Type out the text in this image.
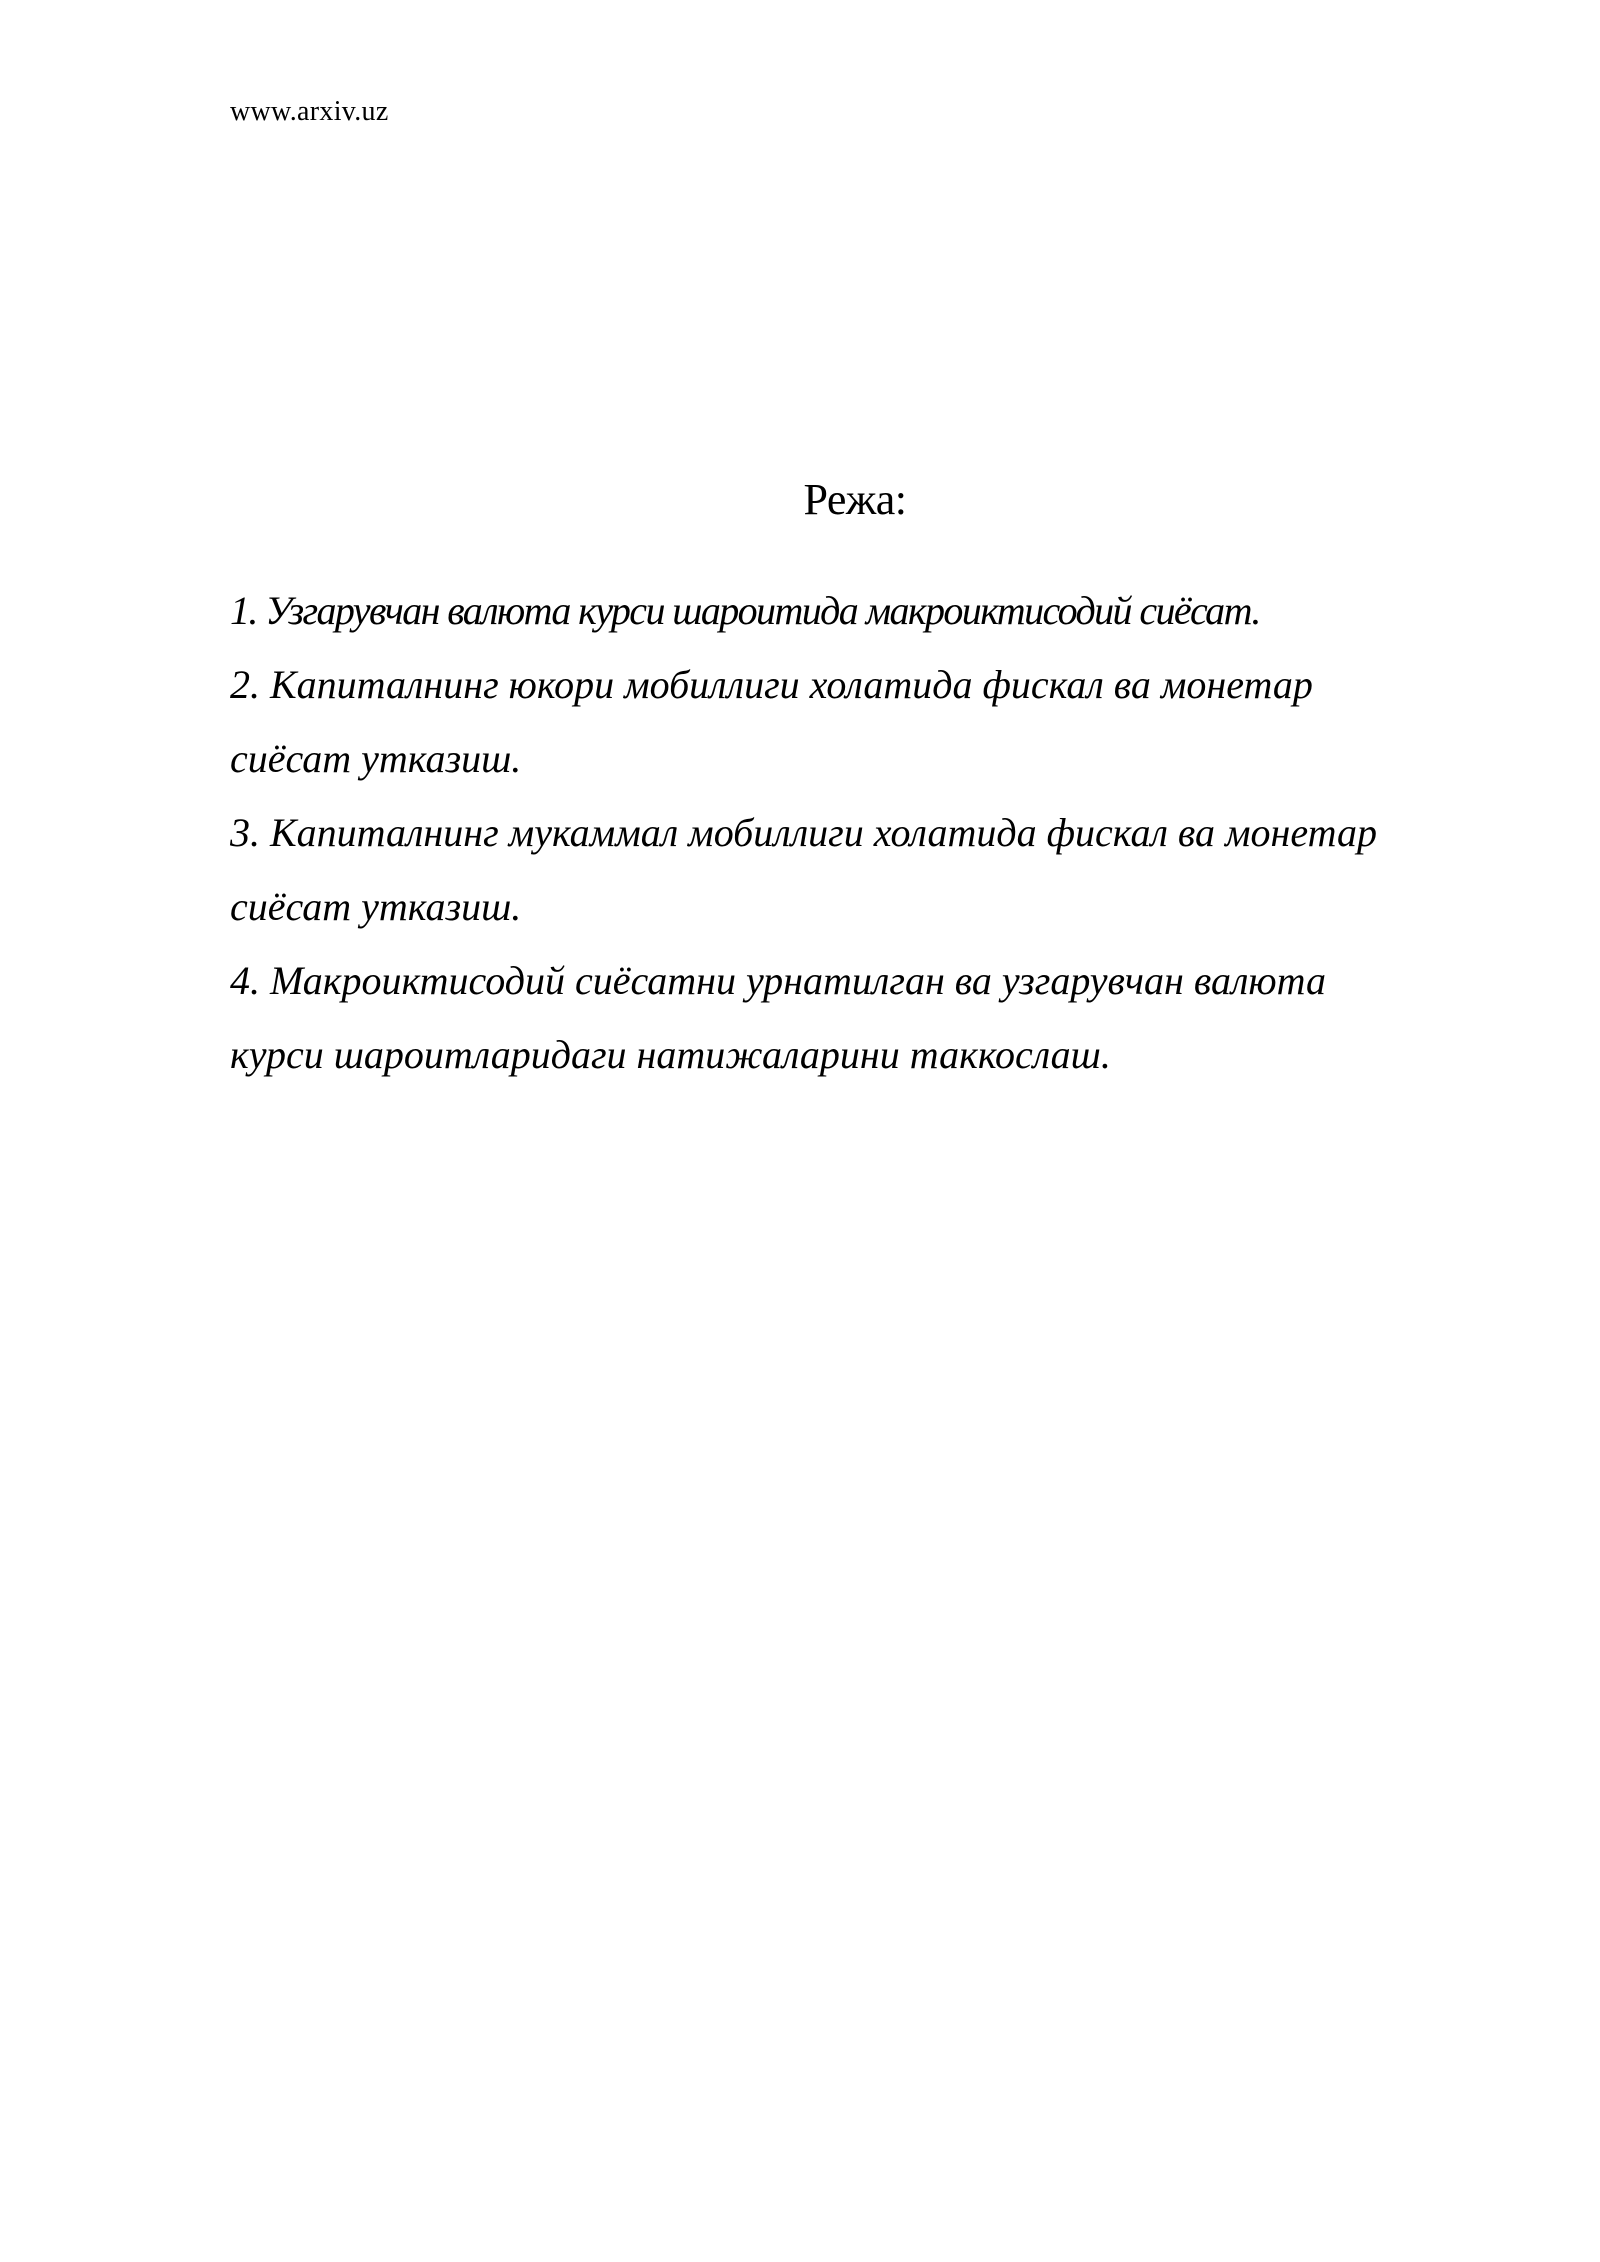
www.arxiv.uz
Режа:
1. Узгарувчан валюта курси шароитида макроиктисодий сиёсат.
2. Капиталнинг юкори мобиллиги холатида фискал ва монетар
сиёсат утказиш.
3. Капиталнинг мукаммал мобиллиги холатида фискал ва монетар
сиёсат утказиш.
4. Макроиктисодий сиёсатни урнатилган ва узгарувчан валюта
курси шароитларидаги натижаларини таккослаш.
